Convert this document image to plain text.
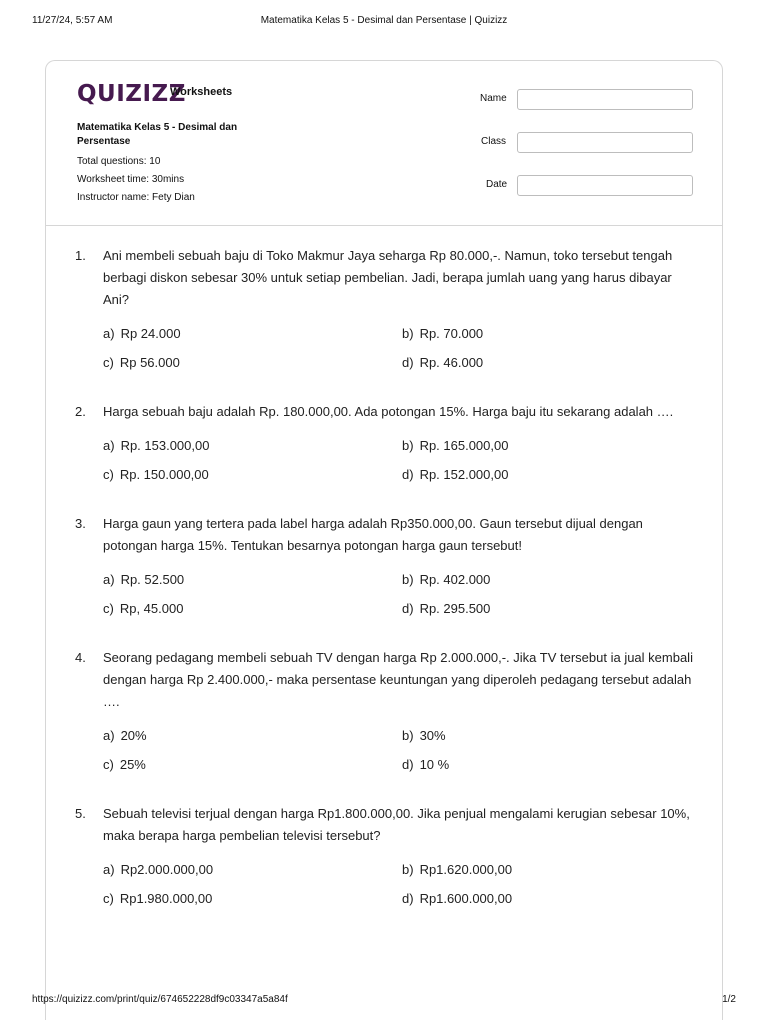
11/27/24, 5:57 AM	Matematika Kelas 5 - Desimal dan Persentase | Quizizz
QUIZIZZ
Worksheets
Matematika Kelas 5 - Desimal dan
Persentase
Total questions: 10
Worksheet time: 30mins
Instructor name: Fety Dian
Name
Class
Date
1. Ani membeli sebuah baju di Toko Makmur Jaya seharga Rp 80.000,-. Namun, toko tersebut tengah berbagi diskon sebesar 30% untuk setiap pembelian. Jadi, berapa jumlah uang yang harus dibayar Ani?
a) Rp 24.000	b) Rp. 70.000
c) Rp 56.000	d) Rp. 46.000
2. Harga sebuah baju adalah Rp. 180.000,00. Ada potongan 15%. Harga baju itu sekarang adalah ….
a) Rp. 153.000,00	b) Rp. 165.000,00
c) Rp. 150.000,00	d) Rp. 152.000,00
3. Harga gaun yang tertera pada label harga adalah Rp350.000,00. Gaun tersebut dijual dengan potongan harga 15%. Tentukan besarnya potongan harga gaun tersebut!
a) Rp. 52.500	b) Rp. 402.000
c) Rp, 45.000	d) Rp. 295.500
4. Seorang pedagang membeli sebuah TV dengan harga Rp 2.000.000,-. Jika TV tersebut ia jual kembali dengan harga Rp 2.400.000,- maka persentase keuntungan yang diperoleh pedagang tersebut adalah ….
a) 20%	b) 30%
c) 25%	d) 10 %
5. Sebuah televisi terjual dengan harga Rp1.800.000,00. Jika penjual mengalami kerugian sebesar 10%, maka berapa harga pembelian televisi tersebut?
a) Rp2.000.000,00	b) Rp1.620.000,00
c) Rp1.980.000,00	d) Rp1.600.000,00
https://quizizz.com/print/quiz/674652228df9c03347a5a84f	1/2
